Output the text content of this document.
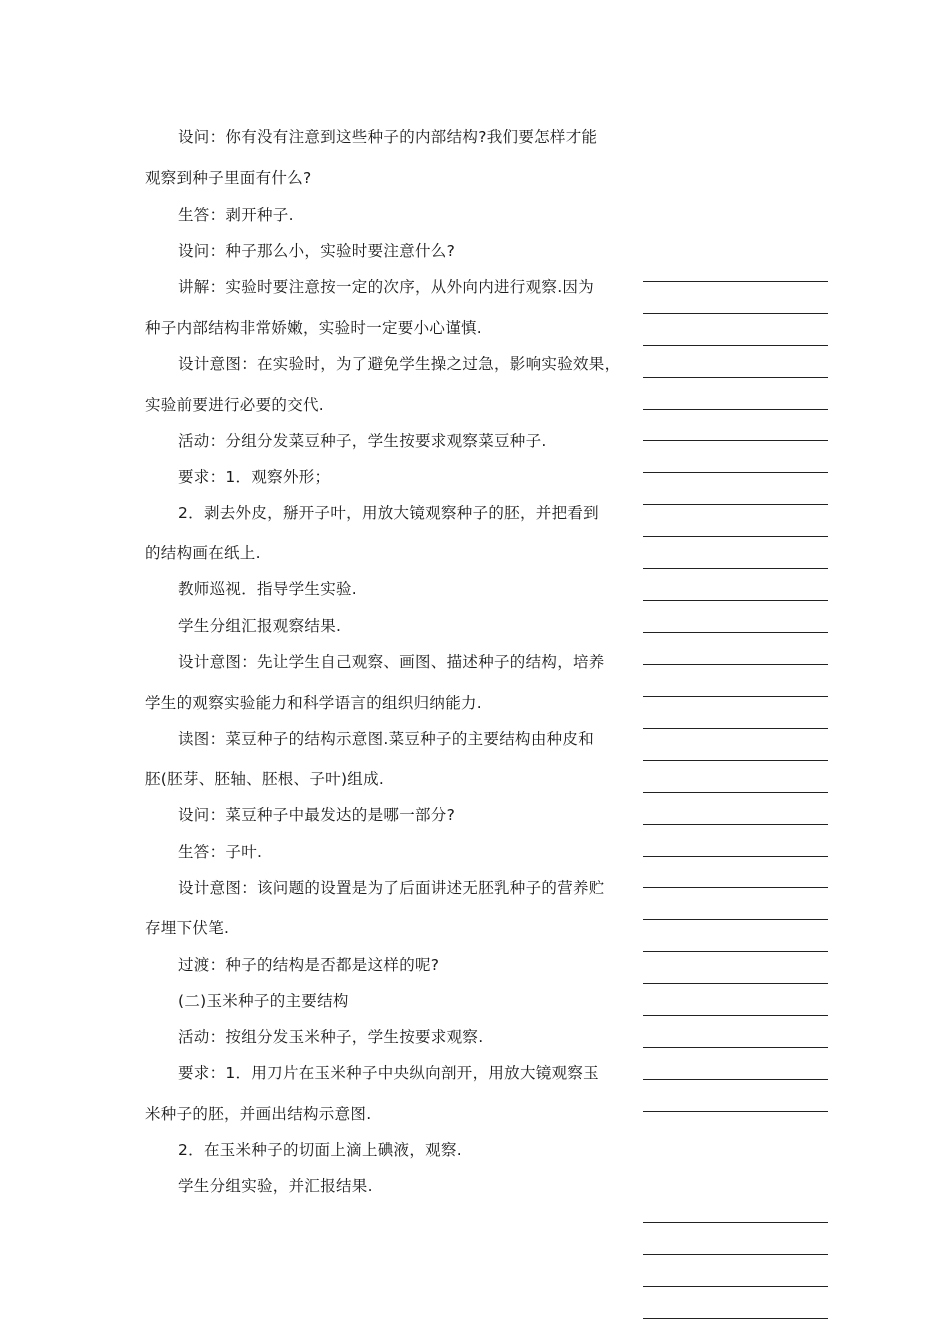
设问：你有没有注意到这些种子的内部结构?我们要怎样才能
观察到种子里面有什么?
生答：剥开种子.
设问：种子那么小，实验时要注意什么?
讲解：实验时要注意按一定的次序，从外向内进行观察.因为
种子内部结构非常娇嫩，实验时一定要小心谨慎.
设计意图：在实验时，为了避免学生操之过急，影响实验效果，
实验前要进行必要的交代.
活动：分组分发菜豆种子，学生按要求观察菜豆种子.
要求：1．观察外形；
2．剥去外皮，掰开子叶，用放大镜观察种子的胚，并把看到
的结构画在纸上.
教师巡视．指导学生实验.
学生分组汇报观察结果.
设计意图：先让学生自己观察、画图、描述种子的结构，培养
学生的观察实验能力和科学语言的组织归纳能力.
读图：菜豆种子的结构示意图.菜豆种子的主要结构由种皮和
胚(胚芽、胚轴、胚根、子叶)组成.
设问：菜豆种子中最发达的是哪一部分?
生答：子叶.
设计意图：该问题的设置是为了后面讲述无胚乳种子的营养贮
存埋下伏笔.
过渡：种子的结构是否都是这样的呢?
(二)玉米种子的主要结构
活动：按组分发玉米种子，学生按要求观察.
要求：1．用刀片在玉米种子中央纵向剖开，用放大镜观察玉
米种子的胚，并画出结构示意图.
2．在玉米种子的切面上滴上碘液，观察.
学生分组实验，并汇报结果.
